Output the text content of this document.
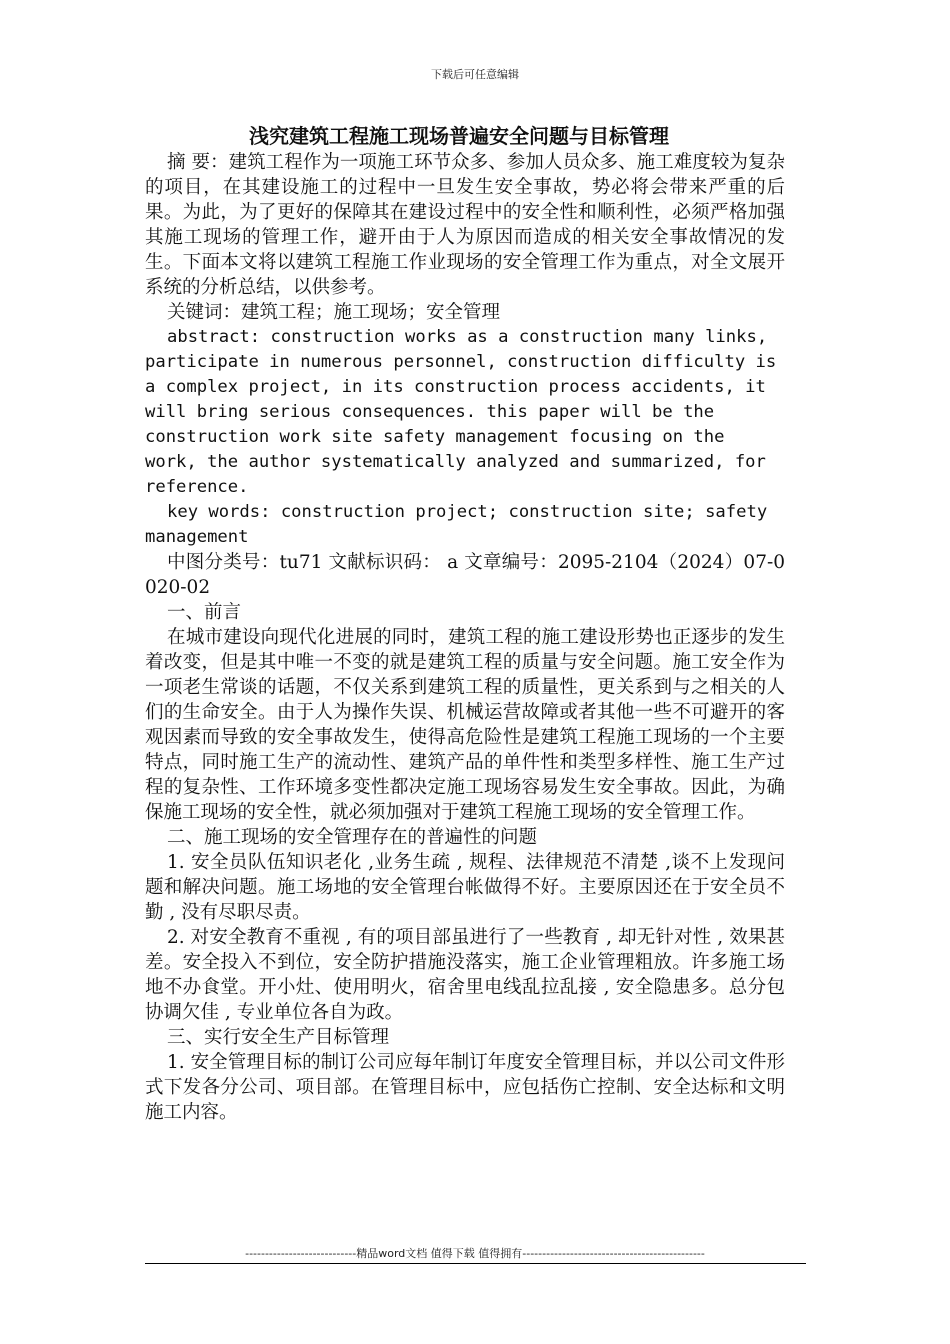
下载后可任意编辑
浅究建筑工程施工现场普遍安全问题与目标管理

摘 要：建筑工程作为一项施工环节众多、参加人员众多、施工难度较为复杂的项目，在其建设施工的过程中一旦发生安全事故，势必将会带来严重的后果。为此，为了更好的保障其在建设过程中的安全性和顺利性，必须严格加强其施工现场的管理工作，避开由于人为原因而造成的相关安全事故情况的发生。下面本文将以建筑工程施工作业现场的安全管理工作为重点，对全文展开系统的分析总结，以供参考。

关键词：建筑工程；施工现场；安全管理

abstract: construction works as a construction many links, participate in numerous personnel, construction difficulty is a complex project, in its construction process accidents, it will bring serious consequences. this paper will be the construction work site safety management focusing on the work, the author systematically analyzed and summarized, for reference.

key words: construction project; construction site; safety management

中图分类号：tu71 文献标识码： a 文章编号：2095-2104（2024）07-0020-02

一、前言

在城市建设向现代化进展的同时，建筑工程的施工建设形势也正逐步的发生着改变，但是其中唯一不变的就是建筑工程的质量与安全问题。施工安全作为一项老生常谈的话题，不仅关系到建筑工程的质量性，更关系到与之相关的人们的生命安全。由于人为操作失误、机械运营故障或者其他一些不可避开的客观因素而导致的安全事故发生，使得高危险性是建筑工程施工现场的一个主要特点，同时施工生产的流动性、建筑产品的单件性和类型多样性、施工生产过程的复杂性、工作环境多变性都决定施工现场容易发生安全事故。因此，为确保施工现场的安全性，就必须加强对于建筑工程施工现场的安全管理工作。

二、施工现场的安全管理存在的普遍性的问题

1. 安全员队伍知识老化 ,业务生疏 , 规程、法律规范不清楚 ,谈不上发现问题和解决问题。施工场地的安全管理台帐做得不好。主要原因还在于安全员不勤 , 没有尽职尽责。

2. 对安全教育不重视 , 有的项目部虽进行了一些教育 , 却无针对性 , 效果甚差。安全投入不到位，安全防护措施没落实，施工企业管理粗放。许多施工场地不办食堂。开小灶、使用明火，宿舍里电线乱拉乱接 , 安全隐患多。总分包协调欠佳 , 专业单位各自为政。

三、实行安全生产目标管理

1. 安全管理目标的制订公司应每年制订年度安全管理目标，并以公司文件形式下发各分公司、项目部。在管理目标中，应包括伤亡控制、安全达标和文明施工内容。

----------------------------精品word文档 值得下载 值得拥有----------------------------------------------
